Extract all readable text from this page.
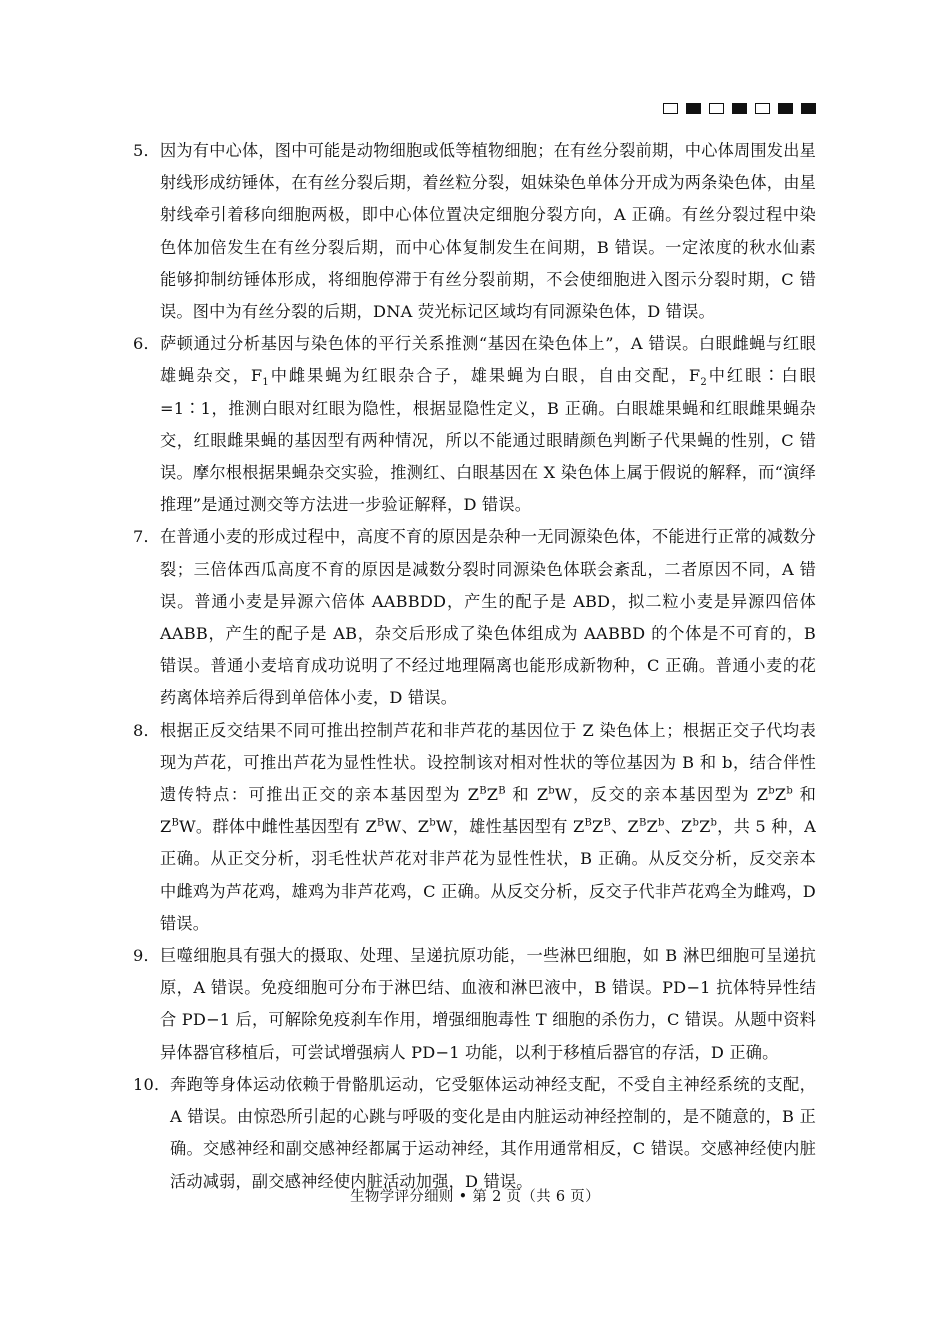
5． 因为有中心体，图中可能是动物细胞或低等植物细胞；在有丝分裂前期，中心体周围发出星射线形成纺锤体，在有丝分裂后期，着丝粒分裂，姐妹染色单体分开成为两条染色体，由星射线牵引着移向细胞两极，即中心体位置决定细胞分裂方向，A 正确。有丝分裂过程中染色体加倍发生在有丝分裂后期，而中心体复制发生在间期，B 错误。一定浓度的秋水仙素能够抑制纺锤体形成，将细胞停滞于有丝分裂前期，不会使细胞进入图示分裂时期，C 错误。图中为有丝分裂的后期，DNA 荧光标记区域均有同源染色体，D 错误。
6． 萨顿通过分析基因与染色体的平行关系推测“基因在染色体上”，A 错误。白眼雌蝇与红眼雄蝇杂交，$F_1$中雌果蝇为红眼杂合子，雄果蝇为白眼，自由交配，$F_2$中红眼∶白眼=1∶1，推测白眼对红眼为隐性，根据显隐性定义，B 正确。白眼雄果蝇和红眼雌果蝇杂交，红眼雌果蝇的基因型有两种情况，所以不能通过眼睛颜色判断子代果蝇的性别，C 错误。摩尔根根据果蝇杂交实验，推测红、白眼基因在 X 染色体上属于假说的解释，而“演绎推理”是通过测交等方法进一步验证解释，D 错误。
7． 在普通小麦的形成过程中，高度不育的原因是杂种一无同源染色体，不能进行正常的减数分裂；三倍体西瓜高度不育的原因是减数分裂时同源染色体联会紊乱，二者原因不同，A 错误。普通小麦是异源六倍体 AABBDD，产生的配子是 ABD，拟二粒小麦是异源四倍体 AABB，产生的配子是 AB，杂交后形成了染色体组成为 AABBD 的个体是不可育的，B 错误。普通小麦培育成功说明了不经过地理隔离也能形成新物种，C 正确。普通小麦的花药离体培养后得到单倍体小麦，D 错误。
8． 根据正反交结果不同可推出控制芦花和非芦花的基因位于 Z 染色体上；根据正交子代均表现为芦花，可推出芦花为显性性状。设控制该对相对性状的等位基因为 B 和 b，结合伴性遗传特点：可推出正交的亲本基因型为 $Z^BZ^B$ 和 $Z^bW$，反交的亲本基因型为 $Z^bZ^b$ 和 $Z^BW$。群体中雌性基因型有 $Z^BW$、$Z^bW$，雄性基因型有 $Z^BZ^B$、$Z^BZ^b$、$Z^bZ^b$，共 5 种，A 正确。从正交分析，羽毛性状芦花对非芦花为显性性状，B 正确。从反交分析，反交亲本中雌鸡为芦花鸡，雄鸡为非芦花鸡，C 正确。从反交分析，反交子代非芦花鸡全为雌鸡，D 错误。
9． 巨噬细胞具有强大的摄取、处理、呈递抗原功能，一些淋巴细胞，如 B 淋巴细胞可呈递抗原，A 错误。免疫细胞可分布于淋巴结、血液和淋巴液中，B 错误。PD−1 抗体特异性结合 PD−1 后，可解除免疫刹车作用，增强细胞毒性 T 细胞的杀伤力，C 错误。从题中资料异体器官移植后，可尝试增强病人 PD−1 功能，以利于移植后器官的存活，D 正确。
10． 奔跑等身体运动依赖于骨骼肌运动，它受躯体运动神经支配，不受自主神经系统的支配，A 错误。由惊恐所引起的心跳与呼吸的变化是由内脏运动神经控制的，是不随意的，B 正确。交感神经和副交感神经都属于运动神经，其作用通常相反，C 错误。交感神经使内脏活动减弱，副交感神经使内脏活动加强，D 错误。
生物学评分细则 • 第 2 页（共 6 页）
